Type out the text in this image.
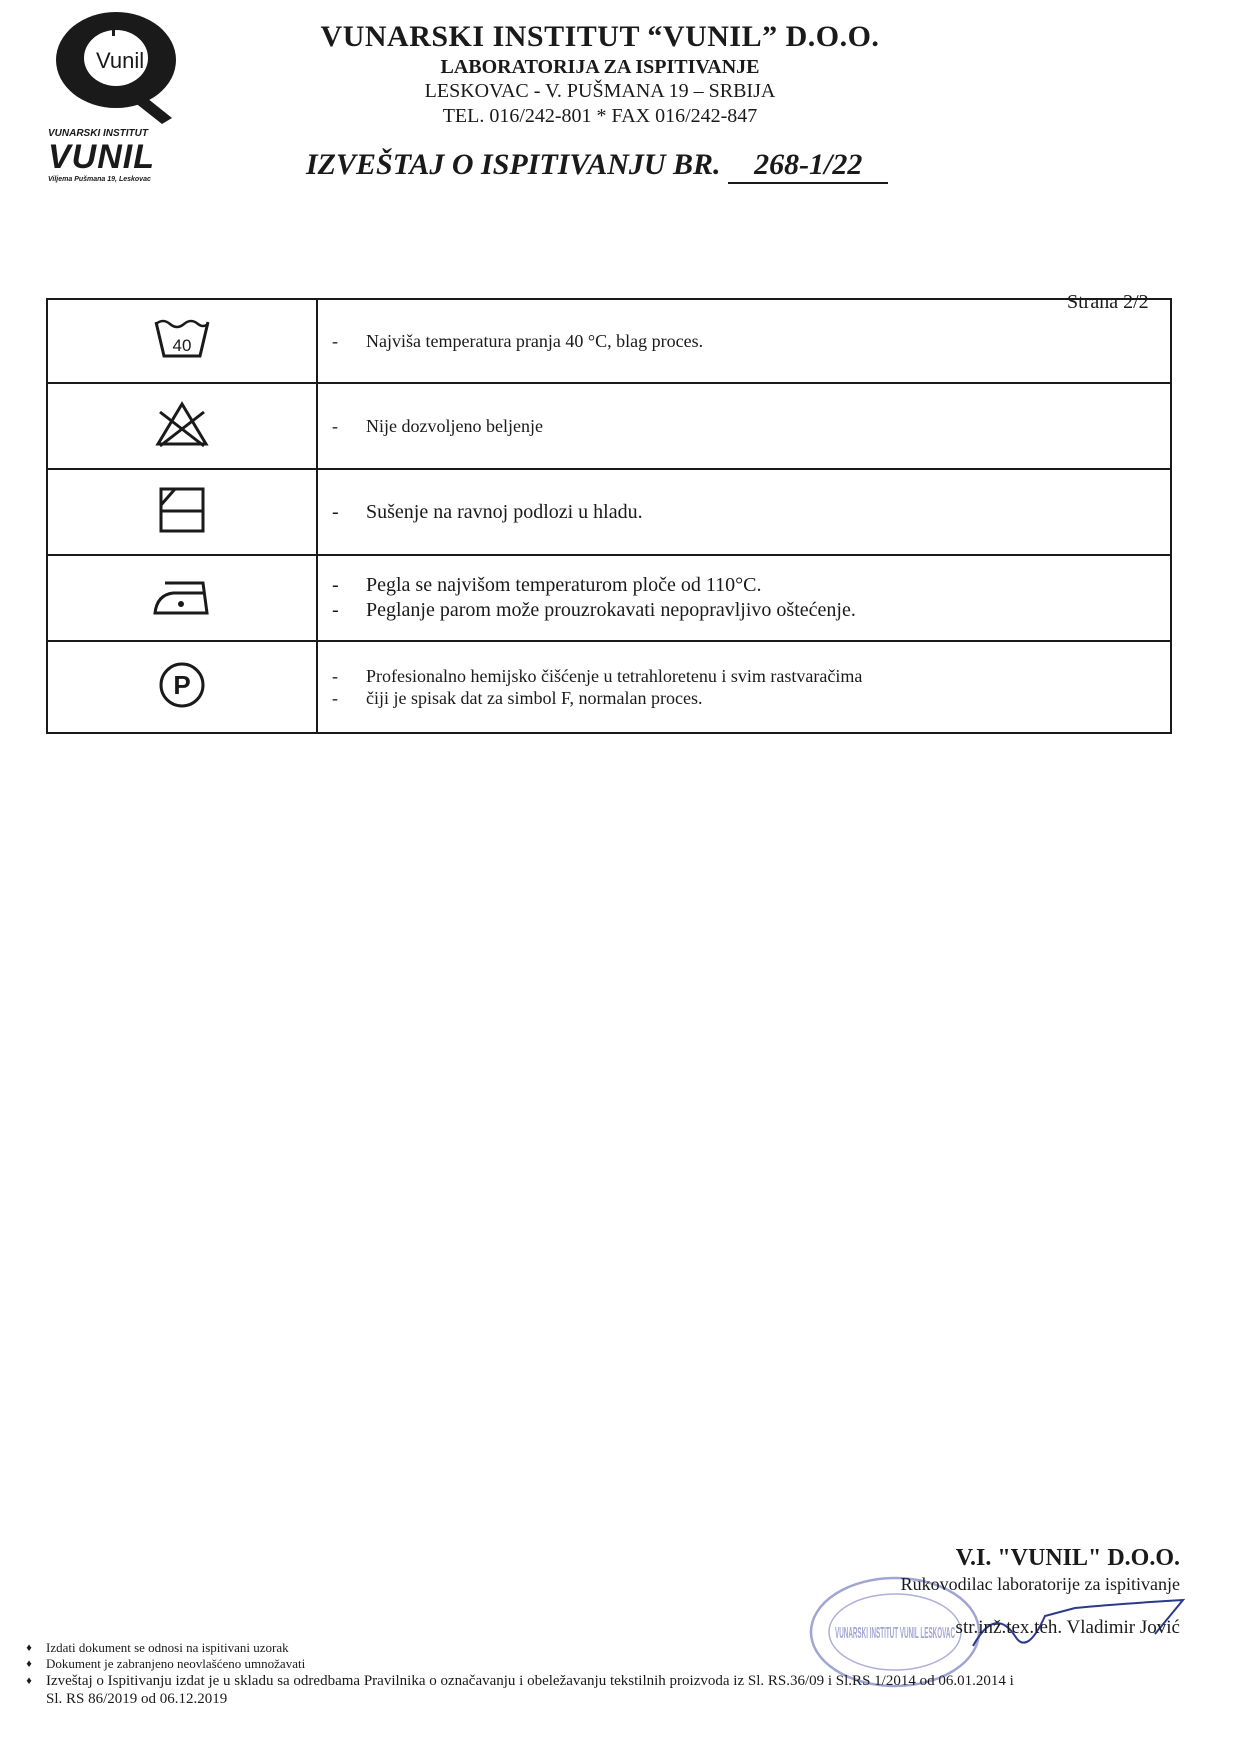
Vunil
VUNARSKI INSTITUT
VUNIL
Viljema Pušmana 19, Leskovac
VUNARSKI INSTITUT “VUNIL” D.O.O.
LABORATORIJA ZA ISPITIVANJE
LESKOVAC - V. PUŠMANA 19 – SRBIJA
TEL. 016/242-801 * FAX 016/242-847
IZVEŠTAJ O ISPITIVANJU BR. 268-1/22
Strana 2/2
40	- Najviša temperatura pranja 40 °C, blag proces.

- Nije dozvoljeno beljenje

- Sušenje na ravnoj podlozi u hladu.

- Pegla se najvišom temperaturom ploče od 110°C.
- Peglanje parom može prouzrokavati nepopravljivo oštećenje.

P	- Profesionalno hemijsko čišćenje u tetrahloretenu i svim rastvaračima
- čiji je spisak dat za simbol F, normalan proces.
VUNARSKI INSTITUT VUNIL LESKOVAC
V.I. "VUNIL" D.O.O.
Rukovodilac laboratorije za ispitivanje
str.inž.tex.teh. Vladimir Jović
♦	Izdati dokument se odnosi na ispitivani uzorak
♦	Dokument je zabranjeno neovlašćeno umnožavati
♦ Izveštaj o Ispitivanju izdat je u skladu sa odredbama Pravilnika o označavanju i obeležavanju tekstilnih proizvoda iz Sl. RS.36/09 i Sl.RS 1/2014 od 06.01.2014 i
Sl. RS 86/2019 od 06.12.2019
